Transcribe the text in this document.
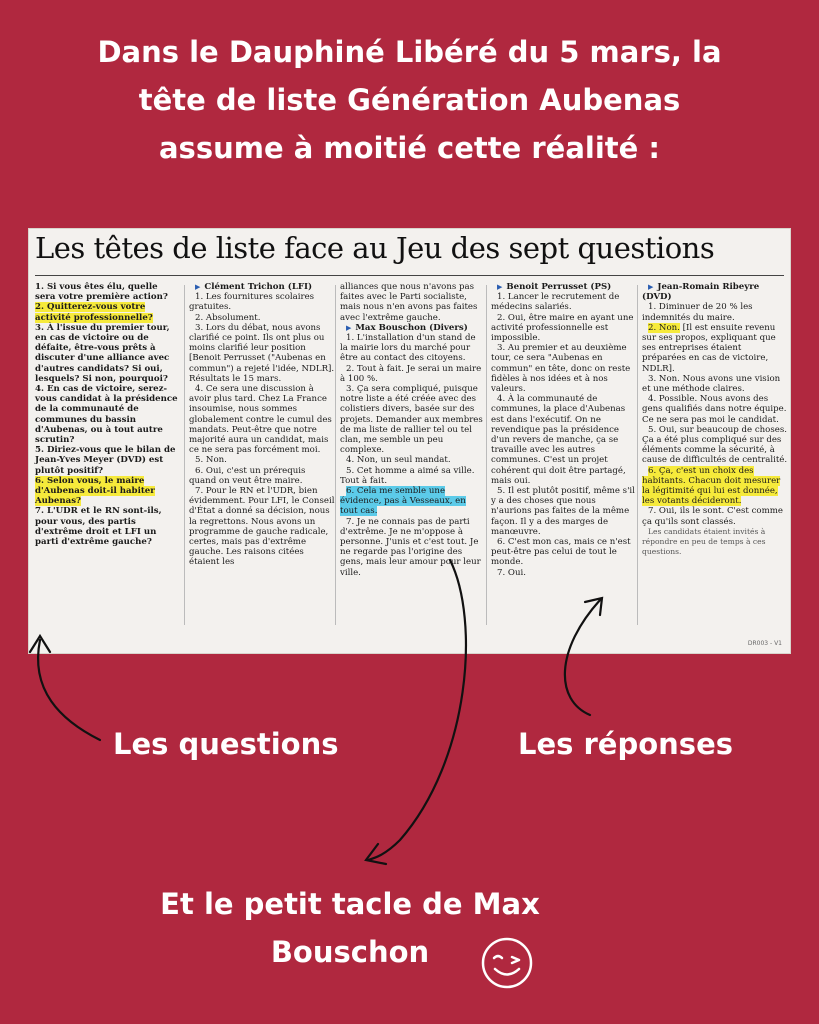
Dans le Dauphiné Libéré du 5 mars, la
tête de liste Génération Aubenas
assume à moitié cette réalité :
Les têtes de liste face au Jeu des sept questions

1. Si vous êtes élu, quelle sera votre première action?

2. Quitterez-vous votre activité professionnelle?

3. À l'issue du premier tour, en cas de victoire ou de défaite, être-vous prêts à discuter d'une alliance avec d'autres candidats? Si oui, lesquels? Si non, pourquoi?

4. En cas de victoire, serez-vous candidat à la présidence de la communauté de communes du bassin d'Aubenas, ou à tout autre scrutin?

5. Diriez-vous que le bilan de Jean-Yves Meyer (DVD) est plutôt positif?

6. Selon vous, le maire d'Aubenas doit-il habiter Aubenas?

7. L'UDR et le RN sont-ils, pour vous, des partis d'extrême droit et LFI un parti d'extrême gauche?

▶ Clément Trichon (LFI)

1. Les fournitures scolaires gratuites.

2. Absolument.

3. Lors du débat, nous avons clarifié ce point. Ils ont plus ou moins clarifié leur position [Benoit Perrusset ("Aubenas en commun") a rejeté l'idée, NDLR]. Résultats le 15 mars.

4. Ce sera une discussion à avoir plus tard. Chez La France insoumise, nous sommes globalement contre le cumul des mandats. Peut-être que notre majorité aura un candidat, mais ce ne sera pas forcément moi.

5. Non.

6. Oui, c'est un prérequis quand on veut être maire.

7. Pour le RN et l'UDR, bien évidemment. Pour LFI, le Conseil d'État a donné sa décision, nous la regrettons. Nous avons un programme de gauche radicale, certes, mais pas d'extrême gauche. Les raisons citées étaient les

alliances que nous n'avons pas faites avec le Parti socialiste, mais nous n'en avons pas faites avec l'extrême gauche.

▶ Max Bouschon (Divers)

1. L'installation d'un stand de la mairie lors du marché pour être au contact des citoyens.

2. Tout à fait. Je serai un maire à 100 %.

3. Ça sera compliqué, puisque notre liste a été créée avec des colistiers divers, basée sur des projets. Demander aux membres de ma liste de rallier tel ou tel clan, me semble un peu complexe.

4. Non, un seul mandat.

5. Cet homme a aimé sa ville. Tout à fait.

6. Cela me semble une évidence, pas à Vesseaux, en tout cas.

7. Je ne connais pas de parti d'extrême. Je ne m'oppose à personne. J'unis et c'est tout. Je ne regarde pas l'origine des gens, mais leur amour pour leur ville.

▶ Benoit Perrusset (PS)

1. Lancer le recrutement de médecins salariés.

2. Oui, être maire en ayant une activité professionnelle est impossible.

3. Au premier et au deuxième tour, ce sera "Aubenas en commun" en tête, donc on reste fidèles à nos idées et à nos valeurs.

4. À la communauté de communes, la place d'Aubenas est dans l'exécutif. On ne revendique pas la présidence d'un revers de manche, ça se travaille avec les autres communes. C'est un projet cohérent qui doit être partagé, mais oui.

5. Il est plutôt positif, même s'il y a des choses que nous n'aurions pas faites de la même façon. Il y a des marges de manœuvre.

6. C'est mon cas, mais ce n'est peut-être pas celui de tout le monde.

7. Oui.

▶ Jean-Romain Ribeyre (DVD)

1. Diminuer de 20 % les indemnités du maire.

2. Non. [Il est ensuite revenu sur ses propos, expliquant que ses entreprises étaient préparées en cas de victoire, NDLR].

3. Non. Nous avons une vision et une méthode claires.

4. Possible. Nous avons des gens qualifiés dans notre équipe. Ce ne sera pas moi le candidat.

5. Oui, sur beaucoup de choses. Ça a été plus compliqué sur des éléments comme la sécurité, à cause de difficultés de centralité.

6. Ça, c'est un choix des habitants. Chacun doit mesurer la légitimité qui lui est donnée, les votants décideront.

7. Oui, ils le sont. C'est comme ça qu'ils sont classés.

Les candidats étaient invités à répondre en peu de temps à ces questions.

DR003 - V1
Les questions	Les réponses
Et le petit tacle de Max
Bouschon
